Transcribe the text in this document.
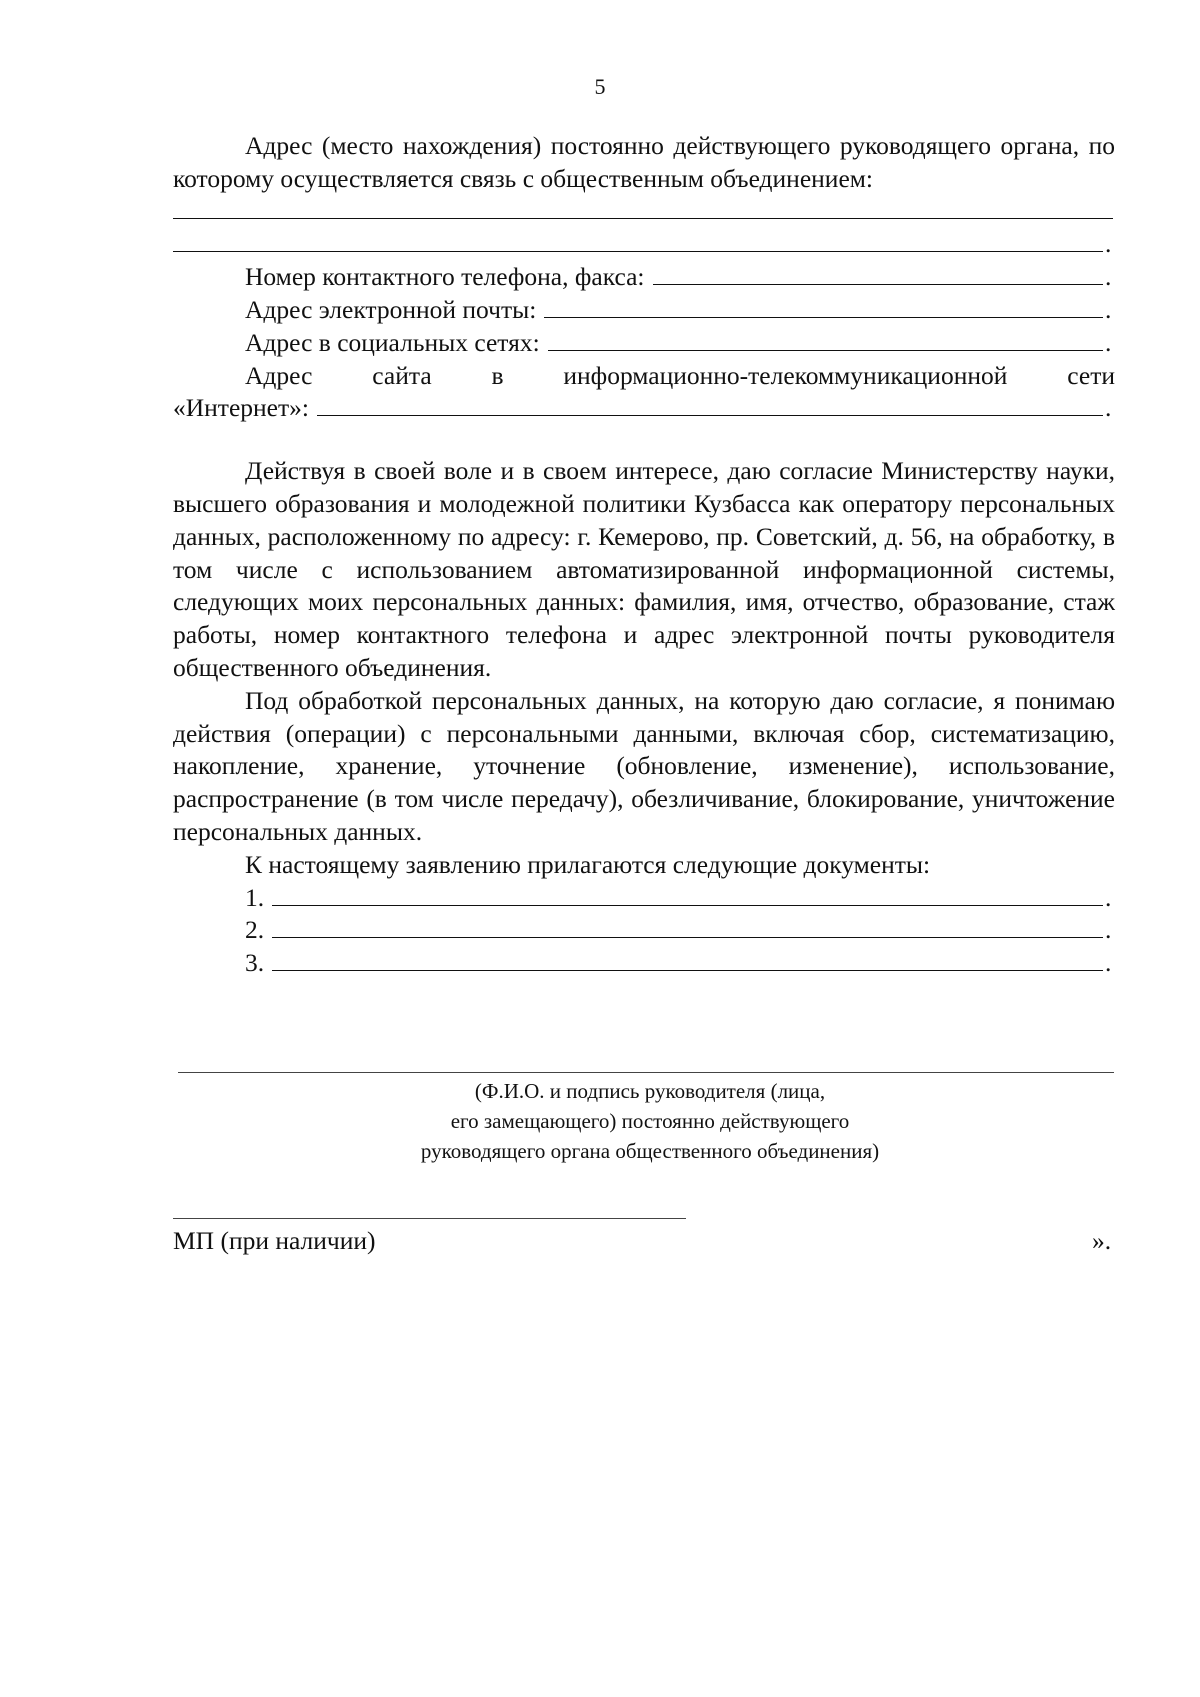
5

Адрес (место нахождения) постоянно действующего руководящего органа, по которому осуществляется связь с общественным объединением:

.
Номер контактного телефона, факса:	.
Адрес электронной почты:	.
Адрес в социальных сетях:	.
Адрес сайта в информационно-телекоммуникационной сети
«Интернет»:	.

Действуя в своей воле и в своем интересе, даю согласие Министерству науки, высшего образования и молодежной политики Кузбасса как оператору персональных данных, расположенному по адресу: г. Кемерово, пр. Советский, д. 56, на обработку, в том числе с использованием автоматизированной информационной системы, следующих моих персональных данных: фамилия, имя, отчество, образование, стаж работы, номер контактного телефона и адрес электронной почты руководителя общественного объединения.

Под обработкой персональных данных, на которую даю согласие, я понимаю действия (операции) с персональными данными, включая сбор, систематизацию, накопление, хранение, уточнение (обновление, изменение), использование, распространение (в том числе передачу), обезличивание, блокирование, уничтожение персональных данных.

К настоящему заявлению прилагаются следующие документы:

1.	.
2.	.
3.	.
(Ф.И.О. и подпись руководителя (лица,
его замещающего) постоянно действующего
руководящего органа общественного объединения)
МП (при наличии)	».
